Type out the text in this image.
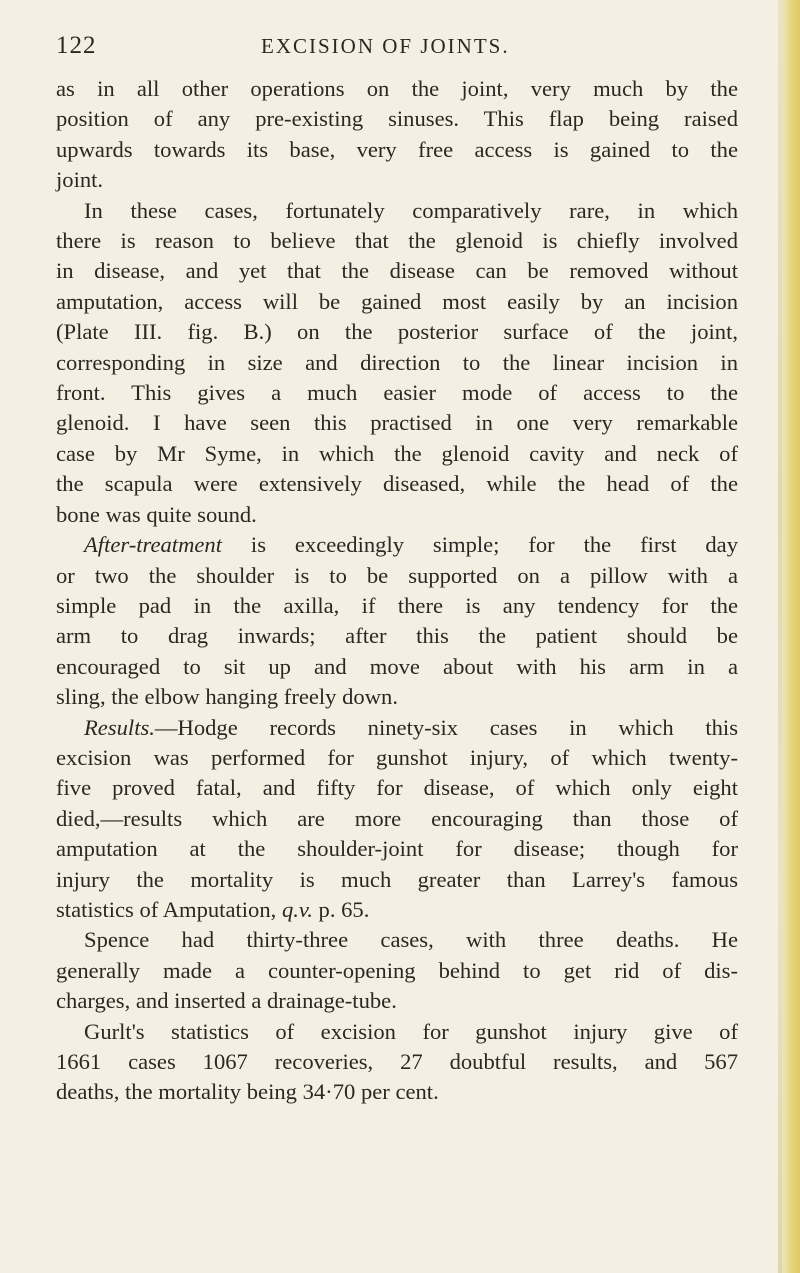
122	EXCISION OF JOINTS.

as in all other operations on the joint, very much by the

position of any pre-existing sinuses. This flap being raised

upwards towards its base, very free access is gained to the

joint.

In these cases, fortunately comparatively rare, in which

there is reason to believe that the glenoid is chiefly involved

in disease, and yet that the disease can be removed without

amputation, access will be gained most easily by an incision

(Plate III. fig. B.) on the posterior surface of the joint,

corresponding in size and direction to the linear incision in

front. This gives a much easier mode of access to the

glenoid. I have seen this practised in one very remarkable

case by Mr Syme, in which the glenoid cavity and neck of

the scapula were extensively diseased, while the head of the

bone was quite sound.

After-treatment is exceedingly simple; for the first day

or two the shoulder is to be supported on a pillow with a

simple pad in the axilla, if there is any tendency for the

arm to drag inwards; after this the patient should be

encouraged to sit up and move about with his arm in a

sling, the elbow hanging freely down.

Results.—Hodge records ninety-six cases in which this

excision was performed for gunshot injury, of which twenty-

five proved fatal, and fifty for disease, of which only eight

died,—results which are more encouraging than those of

amputation at the shoulder-joint for disease; though for

injury the mortality is much greater than Larrey's famous

statistics of Amputation, q.v. p. 65.

Spence had thirty-three cases, with three deaths. He

generally made a counter-opening behind to get rid of dis-

charges, and inserted a drainage-tube.

Gurlt's statistics of excision for gunshot injury give of

1661 cases 1067 recoveries, 27 doubtful results, and 567

deaths, the mortality being 34·70 per cent.
